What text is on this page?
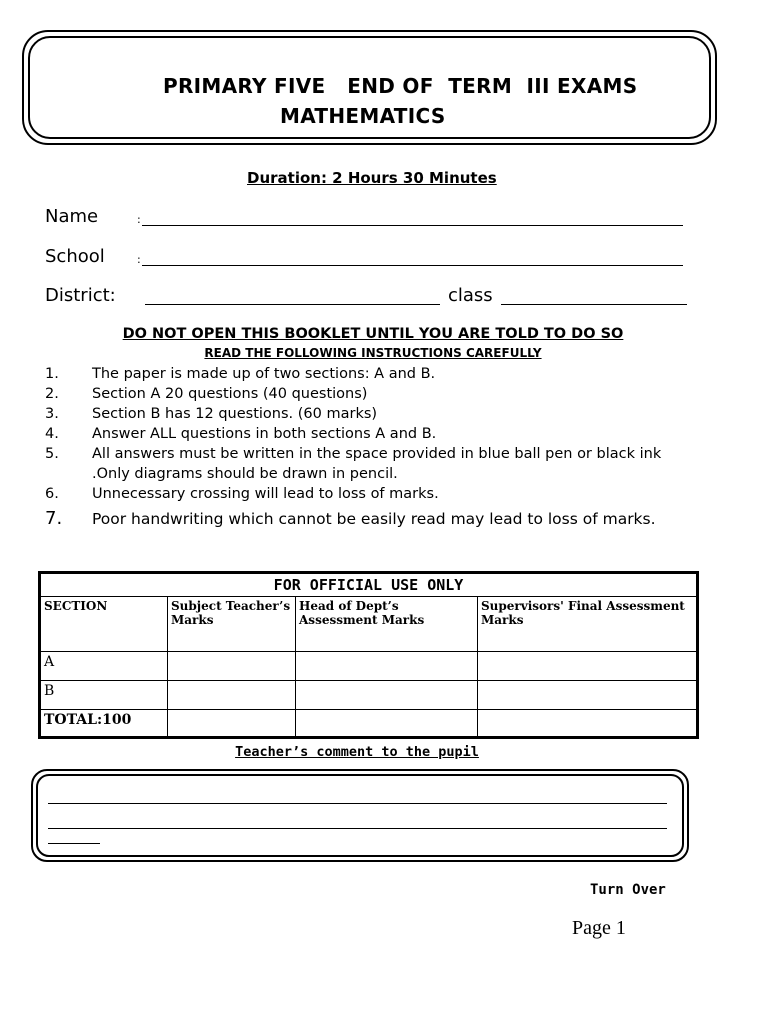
PRIMARY FIVE   END OF  TERM  III EXAMS
MATHEMATICS
Duration: 2 Hours 30 Minutes
Name	:
School	:
District:	class
DO NOT OPEN THIS BOOKLET UNTIL YOU ARE TOLD TO DO SO
READ THE FOLLOWING INSTRUCTIONS CAREFULLY
1. The paper is made up of two sections: A and B.
2. Section A 20 questions (40 questions)
3. Section B has 12 questions. (60 marks)
4. Answer ALL questions in both sections A and B.
5. All answers must be written in the space provided in blue ball pen or black ink .Only diagrams should be drawn in pencil.
6. Unnecessary crossing will lead to loss of marks.
7. Poor handwriting which cannot be easily read may lead to loss of marks.
FOR OFFICIAL USE ONLY			
SECTION	Subject Teacher’s Marks	Head of Dept’s Assessment Marks	Supervisors' Final Assessment Marks
A			
B			
TOTAL:100			
Teacher’s comment to the pupil
Turn Over
Page 1
